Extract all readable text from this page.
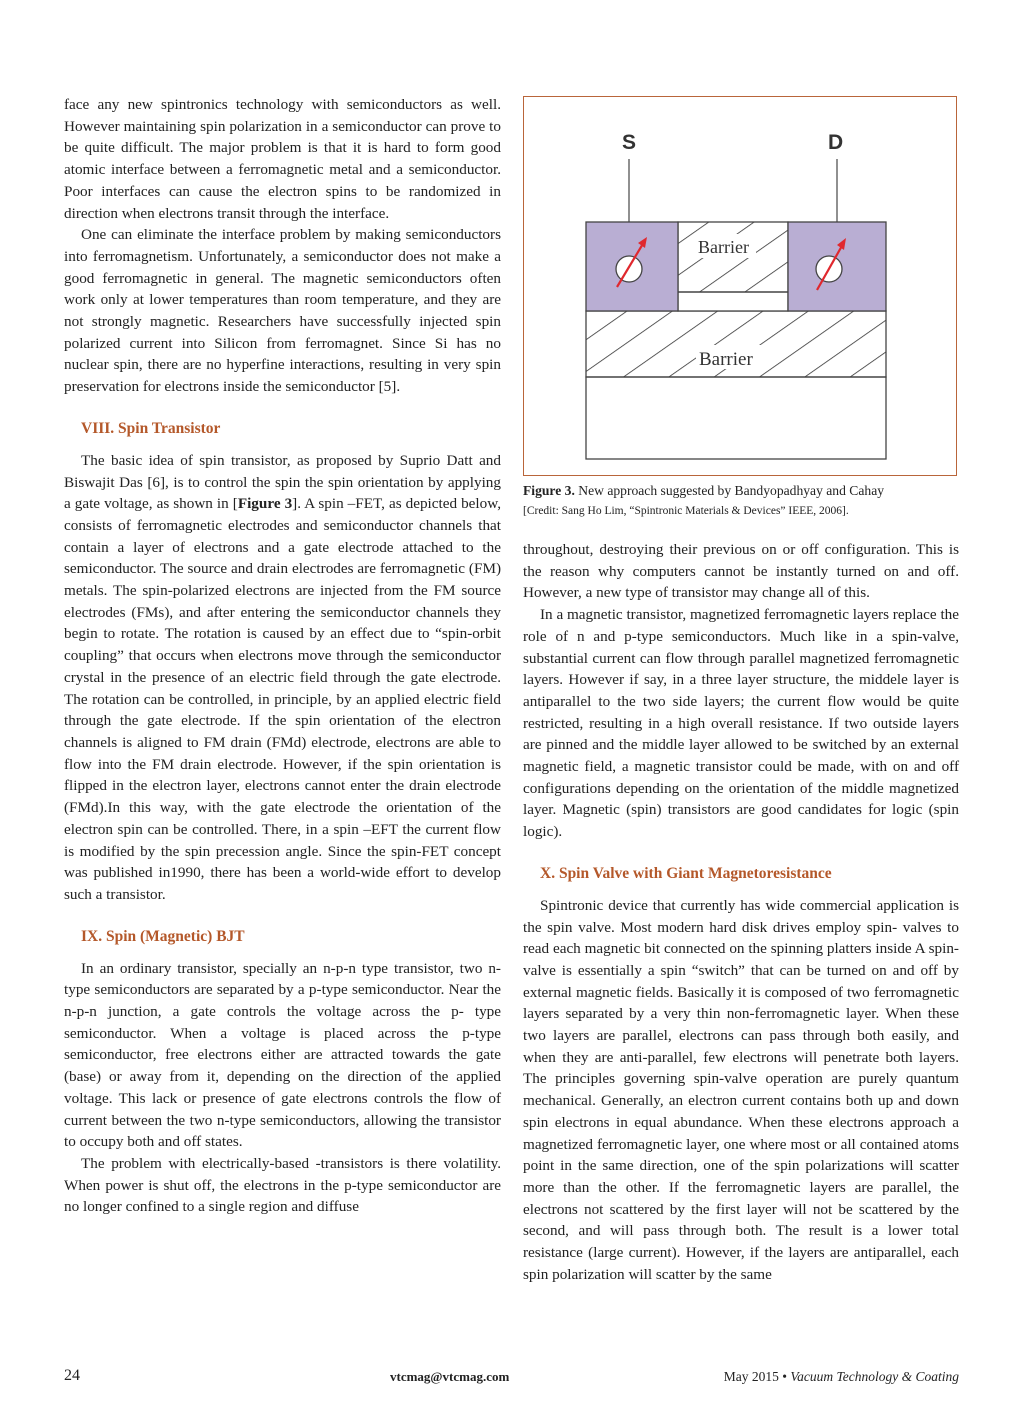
face any new spintronics technology with semiconductors as well. However maintaining spin polarization in a semiconductor can prove to be quite difficult. The major problem is that it is hard to form good atomic interface between a ferromagnetic metal and a semiconductor. Poor interfaces can cause the electron spins to be randomized in direction when electrons transit through the interface.

One can eliminate the interface problem by making semiconductors into ferromagnetism. Unfortunately, a semiconductor does not make a good ferromagnetic in general. The magnetic semiconductors often work only at lower temperatures than room temperature, and they are not strongly magnetic. Researchers have successfully injected spin polarized current into Silicon from ferromagnet. Since Si has no nuclear spin, there are no hyperfine interactions, resulting in very spin preservation for electrons inside the semiconductor [5].

VIII. Spin Transistor

The basic idea of spin transistor, as proposed by Suprio Datt and Biswajit Das [6], is to control the spin the spin orientation by applying a gate voltage, as shown in [Figure 3]. A spin –FET, as depicted below, consists of ferromagnetic electrodes and semiconductor channels that contain a layer of electrons and a gate electrode attached to the semiconductor. The source and drain electrodes are ferromagnetic (FM) metals. The spin-polarized electrons are injected from the FM source electrodes (FMs), and after entering the semiconductor channels they begin to rotate. The rotation is caused by an effect due to “spin-orbit coupling” that occurs when electrons move through the semiconductor crystal in the presence of an electric field through the gate electrode. The rotation can be controlled, in principle, by an applied electric field through the gate electrode. If the spin orientation of the electron channels is aligned to FM drain (FMd) electrode, electrons are able to flow into the FM drain electrode. However, if the spin orientation is flipped in the electron layer, electrons cannot enter the drain electrode (FMd).In this way, with the gate electrode the orientation of the electron spin can be controlled. There, in a spin –EFT the current flow is modified by the spin precession angle. Since the spin-FET concept was published in1990, there has been a world-wide effort to develop such a transistor.

IX. Spin (Magnetic) BJT

In an ordinary transistor, specially an n-p-n type transistor, two n-type semiconductors are separated by a p-type semiconductor. Near the n-p-n junction, a gate controls the voltage across the p- type semiconductor. When a voltage is placed across the p-type semiconductor, free electrons either are attracted towards the gate (base) or away from it, depending on the direction of the applied voltage. This lack or presence of gate electrons controls the flow of current between the two n-type semiconductors, allowing the transistor to occupy both and off states.

The problem with electrically-based -transistors is there volatility. When power is shut off, the electrons in the p-type semiconductor are no longer confined to a single region and diffuse

S	D
Barrier
Barrier
Figure 3. New approach suggested by Bandyopadhyay and Cahay
[Credit: Sang Ho Lim, “Spintronic Materials & Devices” IEEE, 2006].

throughout, destroying their previous on or off configuration. This is the reason why computers cannot be instantly turned on and off. However, a new type of transistor may change all of this.

In a magnetic transistor, magnetized ferromagnetic layers replace the role of n and p-type semiconductors. Much like in a spin-valve, substantial current can flow through parallel magnetized ferromagnetic layers. However if say, in a three layer structure, the middele layer is antiparallel to the two side layers; the current flow would be quite restricted, resulting in a high overall resistance. If two outside layers are pinned and the middle layer allowed to be switched by an external magnetic field, a magnetic transistor could be made, with on and off configurations depending on the orientation of the middle magnetized layer. Magnetic (spin) transistors are good candidates for logic (spin logic).

X. Spin Valve with Giant Magnetoresistance

Spintronic device that currently has wide commercial application is the spin valve. Most modern hard disk drives employ spin- valves to read each magnetic bit connected on the spinning platters inside A spin-valve is essentially a spin “switch” that can be turned on and off by external magnetic fields. Basically it is composed of two ferromagnetic layers separated by a very thin non-ferromagnetic layer. When these two layers are parallel, electrons can pass through both easily, and when they are anti-parallel, few electrons will penetrate both layers. The principles governing spin-valve operation are purely quantum mechanical. Generally, an electron current contains both up and down spin electrons in equal abundance. When these electrons approach a magnetized ferromagnetic layer, one where most or all contained atoms point in the same direction, one of the spin polarizations will scatter more than the other. If the ferromagnetic layers are parallel, the electrons not scattered by the first layer will not be scattered by the second, and will pass through both. The result is a lower total resistance (large current). However, if the layers are antiparallel, each spin polarization will scatter by the same

24	vtcmag@vtcmag.com	May 2015 • Vacuum Technology & Coating
